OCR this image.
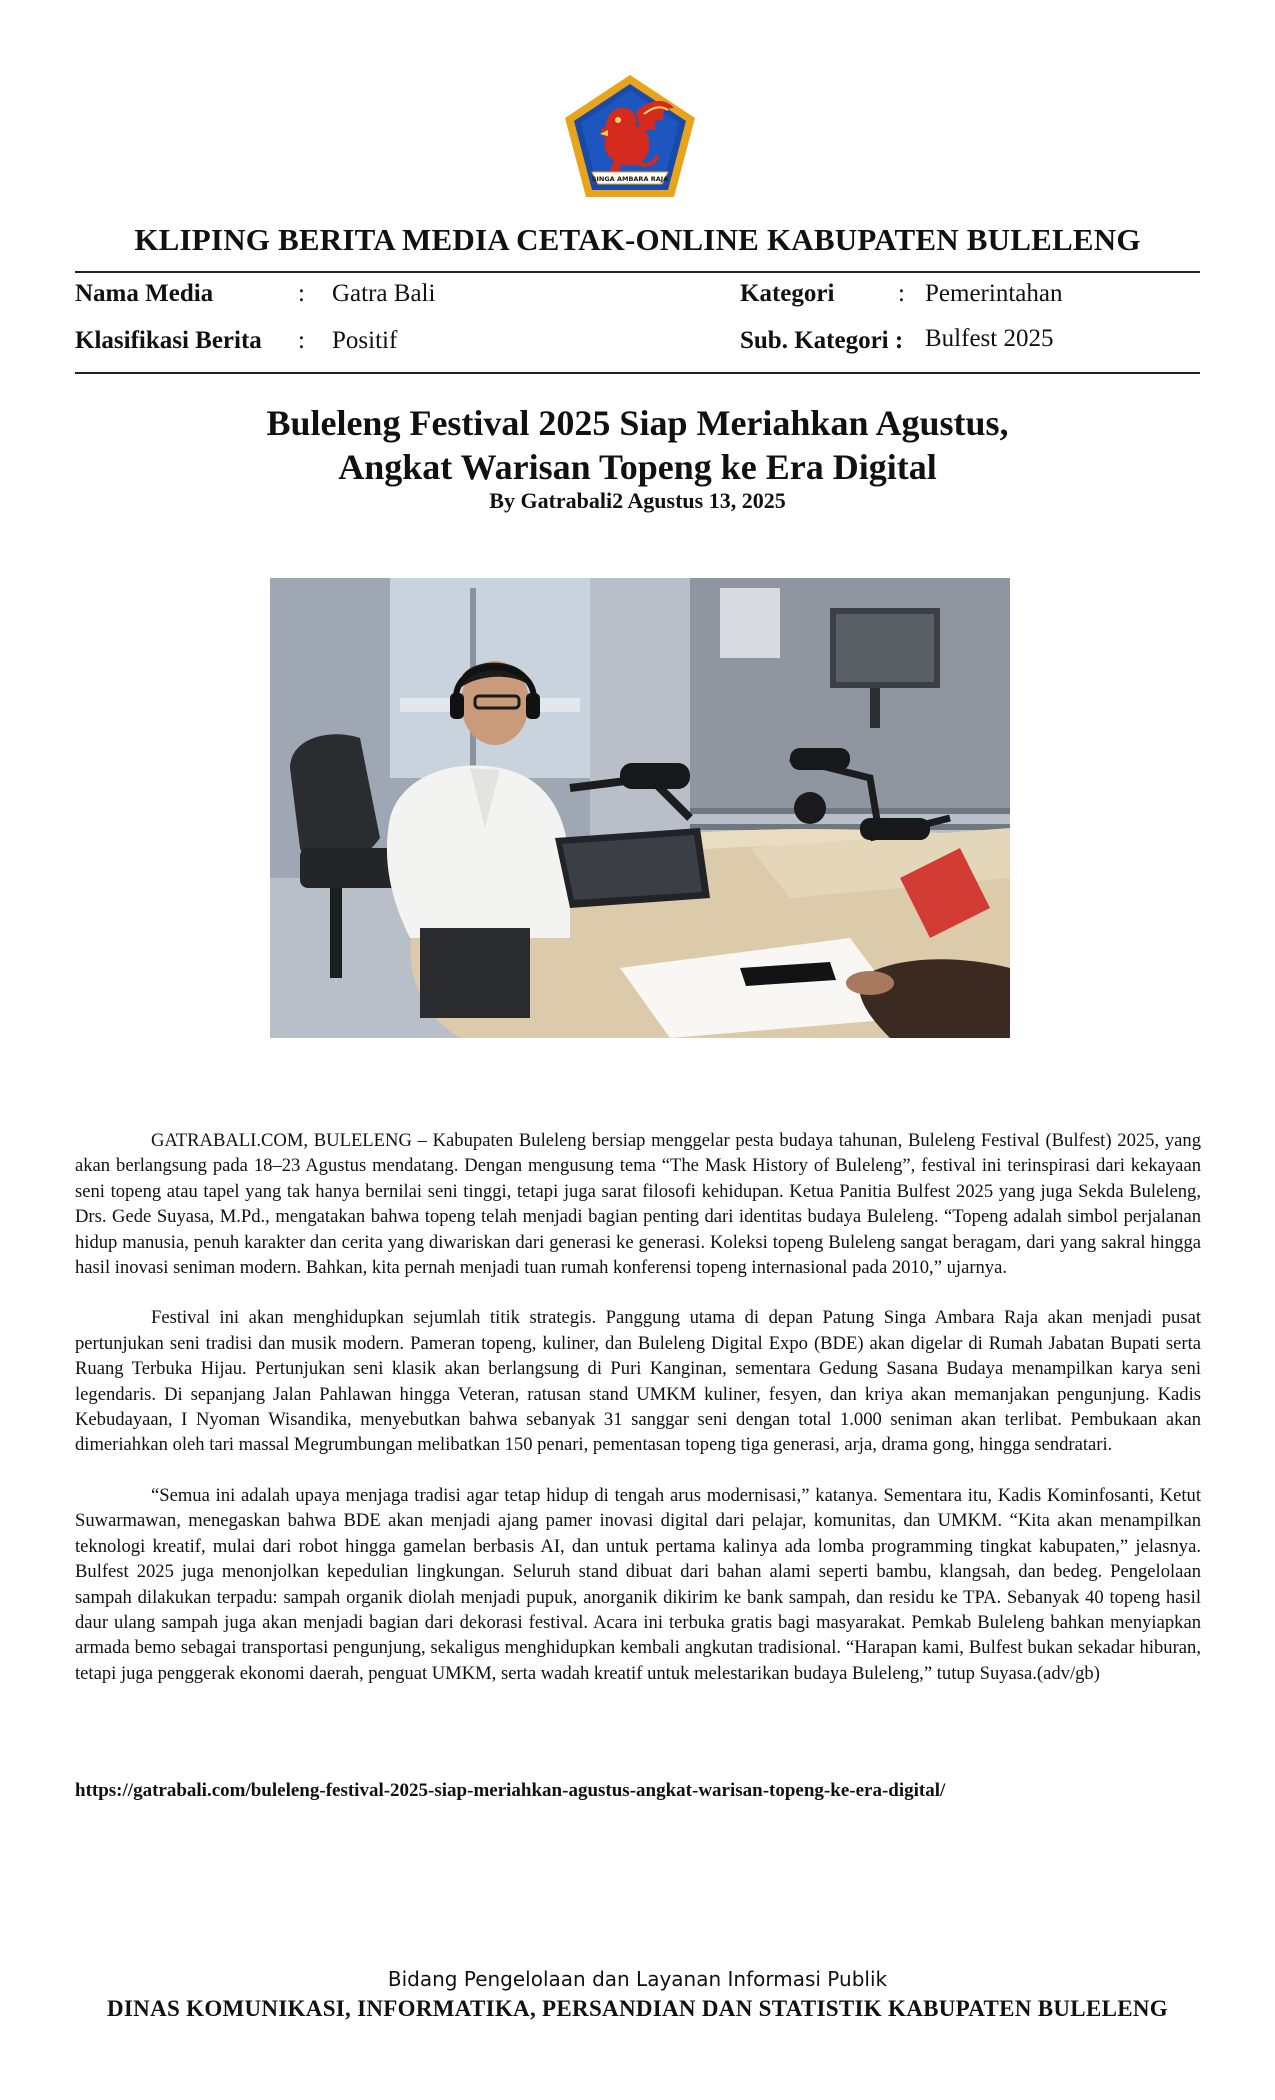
SINGA AMBARA RAJA
KLIPING BERITA MEDIA CETAK-ONLINE KABUPATEN BULELENG
Nama Media	: Gatra Bali	Kategori	: Pemerintahan
Klasifikasi Berita : Positif	Sub. Kategori : Bulfest 2025
Buleleng Festival 2025 Siap Meriahkan Agustus,
Angkat Warisan Topeng ke Era Digital
By Gatrabali2 Agustus 13, 2025

GATRABALI.COM, BULELENG – Kabupaten Buleleng bersiap menggelar pesta budaya tahunan, Buleleng Festival (Bulfest) 2025, yang akan berlangsung pada 18–23 Agustus mendatang. Dengan mengusung tema “The Mask History of Buleleng”, festival ini terinspirasi dari kekayaan seni topeng atau tapel yang tak hanya bernilai seni tinggi, tetapi juga sarat filosofi kehidupan. Ketua Panitia Bulfest 2025 yang juga Sekda Buleleng, Drs. Gede Suyasa, M.Pd., mengatakan bahwa topeng telah menjadi bagian penting dari identitas budaya Buleleng. “Topeng adalah simbol perjalanan hidup manusia, penuh karakter dan cerita yang diwariskan dari generasi ke generasi. Koleksi topeng Buleleng sangat beragam, dari yang sakral hingga hasil inovasi seniman modern. Bahkan, kita pernah menjadi tuan rumah konferensi topeng internasional pada 2010,” ujarnya.

Festival ini akan menghidupkan sejumlah titik strategis. Panggung utama di depan Patung Singa Ambara Raja akan menjadi pusat pertunjukan seni tradisi dan musik modern. Pameran topeng, kuliner, dan Buleleng Digital Expo (BDE) akan digelar di Rumah Jabatan Bupati serta Ruang Terbuka Hijau. Pertunjukan seni klasik akan berlangsung di Puri Kanginan, sementara Gedung Sasana Budaya menampilkan karya seni legendaris. Di sepanjang Jalan Pahlawan hingga Veteran, ratusan stand UMKM kuliner, fesyen, dan kriya akan memanjakan pengunjung. Kadis Kebudayaan, I Nyoman Wisandika, menyebutkan bahwa sebanyak 31 sanggar seni dengan total 1.000 seniman akan terlibat. Pembukaan akan dimeriahkan oleh tari massal Megrumbungan melibatkan 150 penari, pementasan topeng tiga generasi, arja, drama gong, hingga sendratari.

“Semua ini adalah upaya menjaga tradisi agar tetap hidup di tengah arus modernisasi,” katanya. Sementara itu, Kadis Kominfosanti, Ketut Suwarmawan, menegaskan bahwa BDE akan menjadi ajang pamer inovasi digital dari pelajar, komunitas, dan UMKM. “Kita akan menampilkan teknologi kreatif, mulai dari robot hingga gamelan berbasis AI, dan untuk pertama kalinya ada lomba programming tingkat kabupaten,” jelasnya. Bulfest 2025 juga menonjolkan kepedulian lingkungan. Seluruh stand dibuat dari bahan alami seperti bambu, klangsah, dan bedeg. Pengelolaan sampah dilakukan terpadu: sampah organik diolah menjadi pupuk, anorganik dikirim ke bank sampah, dan residu ke TPA. Sebanyak 40 topeng hasil daur ulang sampah juga akan menjadi bagian dari dekorasi festival. Acara ini terbuka gratis bagi masyarakat. Pemkab Buleleng bahkan menyiapkan armada bemo sebagai transportasi pengunjung, sekaligus menghidupkan kembali angkutan tradisional. “Harapan kami, Bulfest bukan sekadar hiburan, tetapi juga penggerak ekonomi daerah, penguat UMKM, serta wadah kreatif untuk melestarikan budaya Buleleng,” tutup Suyasa.(adv/gb)

https://gatrabali.com/buleleng-festival-2025-siap-meriahkan-agustus-angkat-warisan-topeng-ke-era-digital/
Bidang Pengelolaan dan Layanan Informasi Publik
DINAS KOMUNIKASI, INFORMATIKA, PERSANDIAN DAN STATISTIK KABUPATEN BULELENG
